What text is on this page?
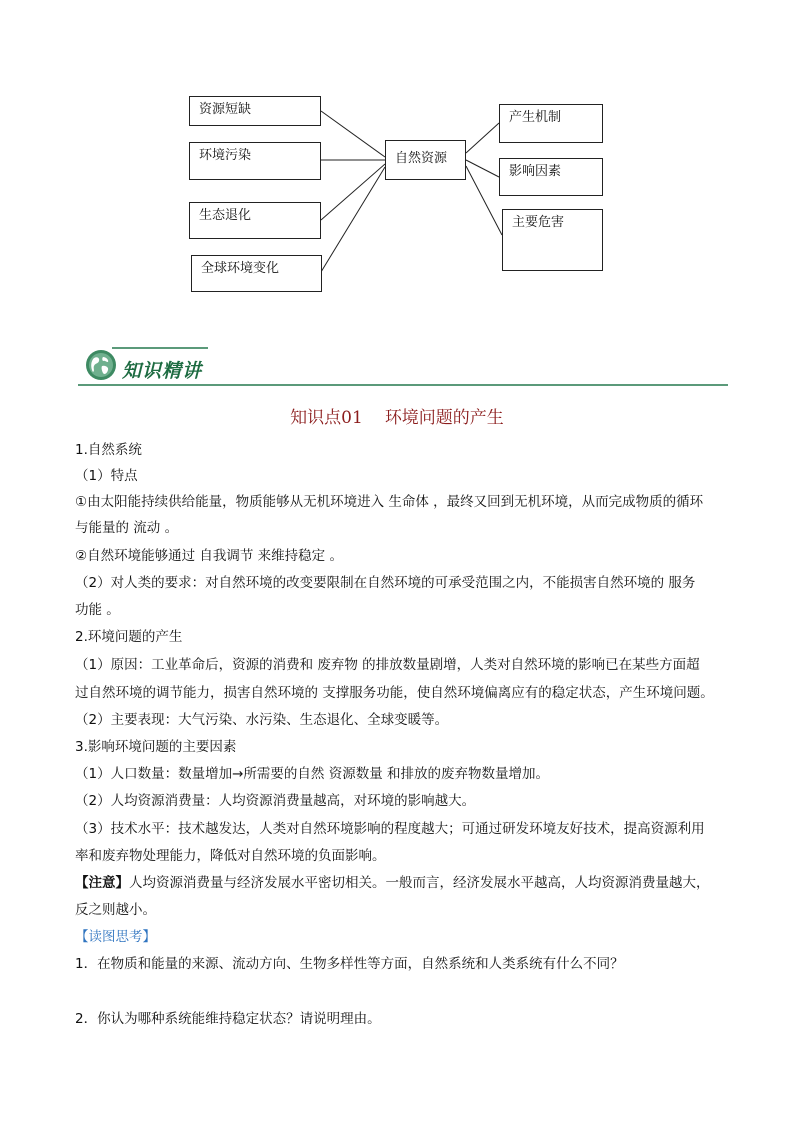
资源短缺
环境污染
生态退化
全球环境变化
自然资源
产生机制
影响因素
主要危害
知识精讲
知识点01 环境问题的产生
1.自然系统
（1）特点
①由太阳能持续供给能量，物质能够从无机环境进入 生命体 ，最终又回到无机环境，从而完成物质的循环
与能量的 流动 。
②自然环境能够通过 自我调节 来维持稳定 。
（2）对人类的要求：对自然环境的改变要限制在自然环境的可承受范围之内，不能损害自然环境的 服务
功能 。
2.环境问题的产生
（1）原因：工业革命后，资源的消费和 废弃物 的排放数量剧增，人类对自然环境的影响已在某些方面超
过自然环境的调节能力，损害自然环境的 支撑服务功能，使自然环境偏离应有的稳定状态，产生环境问题。
（2）主要表现：大气污染、水污染、生态退化、全球变暖等。
3.影响环境问题的主要因素
（1）人口数量：数量增加→所需要的自然 资源数量 和排放的废弃物数量增加。
（2）人均资源消费量：人均资源消费量越高，对环境的影响越大。
（3）技术水平：技术越发达，人类对自然环境影响的程度越大；可通过研发环境友好技术，提高资源利用
率和废弃物处理能力，降低对自然环境的负面影响。
【注意】人均资源消费量与经济发展水平密切相关。一般而言，经济发展水平越高，人均资源消费量越大，
反之则越小。
【读图思考】
1．在物质和能量的来源、流动方向、生物多样性等方面，自然系统和人类系统有什么不同？
2．你认为哪种系统能维持稳定状态？请说明理由。
